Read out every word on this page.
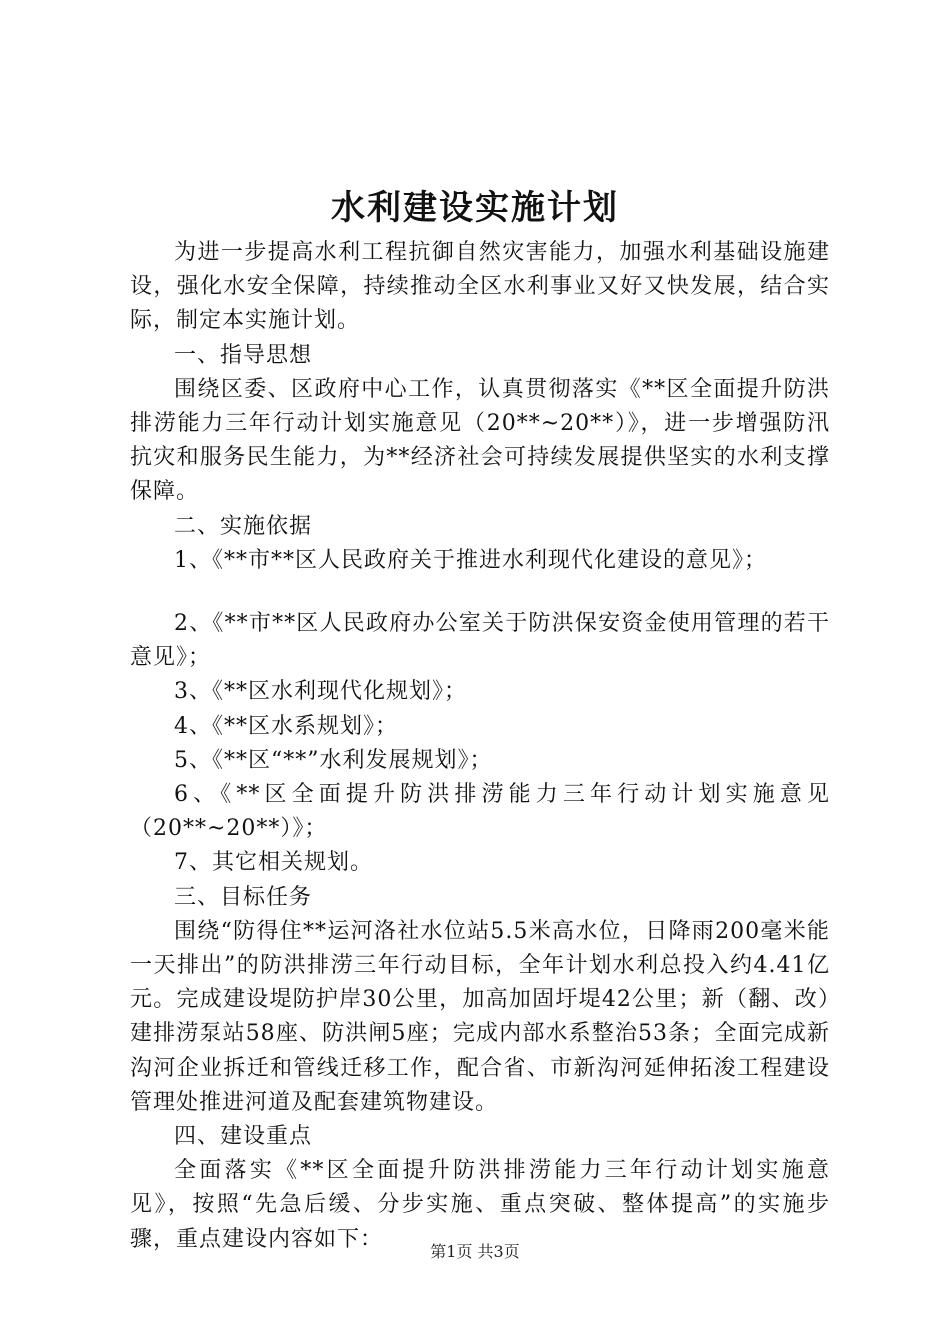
水利建设实施计划

为进一步提高水利工程抗御自然灾害能力，加强水利基础设施建设，强化水安全保障，持续推动全区水利事业又好又快发展，结合实际，制定本实施计划。

一、指导思想

围绕区委、区政府中心工作，认真贯彻落实《**区全面提升防洪排涝能力三年行动计划实施意见（20**~20**）》，进一步增强防汛抗灾和服务民生能力，为**经济社会可持续发展提供坚实的水利支撑保障。

二、实施依据

1、《**市**区人民政府关于推进水利现代化建设的意见》；

2、《**市**区人民政府办公室关于防洪保安资金使用管理的若干意见》；

3、《**区水利现代化规划》；

4、《**区水系规划》；

5、《**区“**”水利发展规划》；

6、《**区全面提升防洪排涝能力三年行动计划实施意见（20**~20**）》；

7、其它相关规划。

三、目标任务

围绕“防得住**运河洛社水位站5.5米高水位，日降雨200毫米能一天排出”的防洪排涝三年行动目标，全年计划水利总投入约4.41亿元。完成建设堤防护岸30公里，加高加固圩堤42公里；新（翻、改）建排涝泵站58座、防洪闸5座；完成内部水系整治53条；全面完成新沟河企业拆迁和管线迁移工作，配合省、市新沟河延伸拓浚工程建设管理处推进河道及配套建筑物建设。

四、建设重点

全面落实《**区全面提升防洪排涝能力三年行动计划实施意见》，按照“先急后缓、分步实施、重点突破、整体提高”的实施步骤，重点建设内容如下：	第1页 共3页
